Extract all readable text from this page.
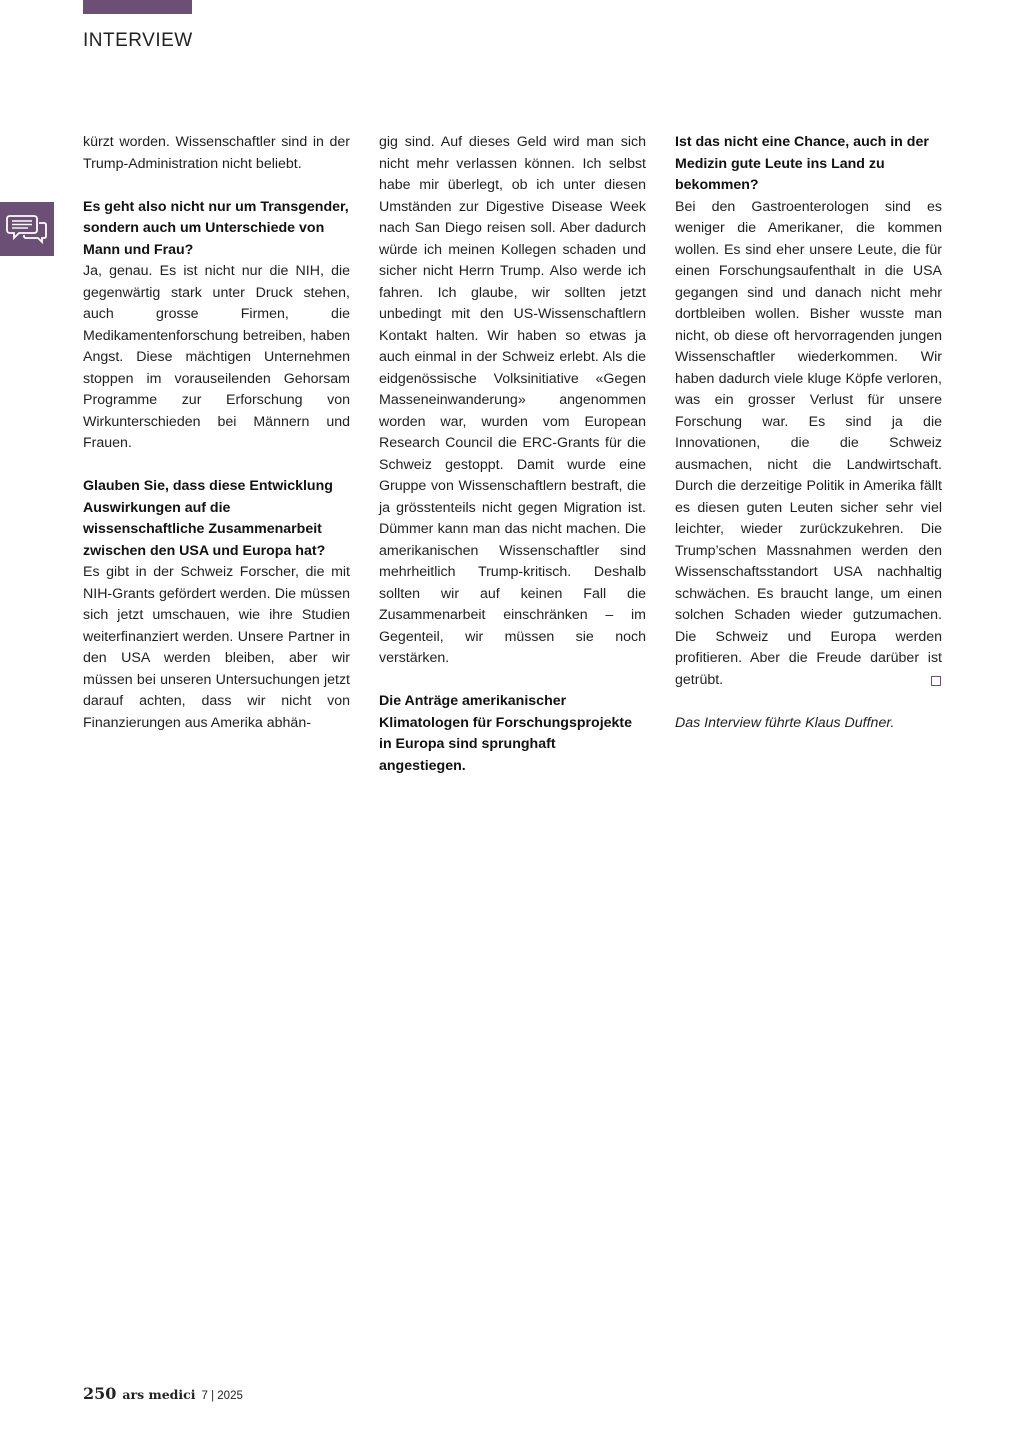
INTERVIEW

kürzt worden. Wissenschaftler sind in der Trump-Administration nicht beliebt.

Es geht also nicht nur um Transgender, sondern auch um Unterschiede von Mann und Frau?

Ja, genau. Es ist nicht nur die NIH, die gegenwärtig stark unter Druck stehen, auch grosse Firmen, die Medikamentenforschung betreiben, haben Angst. Diese mächtigen Unternehmen stoppen im vorauseilenden Gehorsam Programme zur Erforschung von Wirkunterschieden bei Männern und Frauen.

Glauben Sie, dass diese Entwicklung Auswirkungen auf die wissenschaftliche Zusammenarbeit zwischen den USA und Europa hat?

Es gibt in der Schweiz Forscher, die mit NIH-Grants gefördert werden. Die müssen sich jetzt umschauen, wie ihre Studien weiterfinanziert werden. Unsere Partner in den USA werden bleiben, aber wir müssen bei unseren Untersuchungen jetzt darauf achten, dass wir nicht von Finanzierungen aus Amerika abhän-

gig sind. Auf dieses Geld wird man sich nicht mehr verlassen können. Ich selbst habe mir überlegt, ob ich unter diesen Umständen zur Digestive Disease Week nach San Diego reisen soll. Aber dadurch würde ich meinen Kollegen schaden und sicher nicht Herrn Trump. Also werde ich fahren. Ich glaube, wir sollten jetzt unbedingt mit den US-Wissenschaftlern Kontakt halten. Wir haben so etwas ja auch einmal in der Schweiz erlebt. Als die eidgenössische Volksinitiative «Gegen Masseneinwanderung» angenommen worden war, wurden vom European Research Council die ERC-Grants für die Schweiz gestoppt. Damit wurde eine Gruppe von Wissenschaftlern bestraft, die ja grösstenteils nicht gegen Migration ist. Dümmer kann man das nicht machen. Die amerikanischen Wissenschaftler sind mehrheitlich Trump-kritisch. Deshalb sollten wir auf keinen Fall die Zusammenarbeit einschränken – im Gegenteil, wir müssen sie noch verstärken.

Die Anträge amerikanischer Klimatologen für Forschungsprojekte in Europa sind sprunghaft angestiegen.

Ist das nicht eine Chance, auch in der Medizin gute Leute ins Land zu bekommen?

Bei den Gastroenterologen sind es weniger die Amerikaner, die kommen wollen. Es sind eher unsere Leute, die für einen Forschungsaufenthalt in die USA gegangen sind und danach nicht mehr dortbleiben wollen. Bisher wusste man nicht, ob diese oft hervorragenden jungen Wissenschaftler wiederkommen. Wir haben dadurch viele kluge Köpfe verloren, was ein grosser Verlust für unsere Forschung war. Es sind ja die Innovationen, die die Schweiz ausmachen, nicht die Landwirtschaft. Durch die derzeitige Politik in Amerika fällt es diesen guten Leuten sicher sehr viel leichter, wieder zurückzukehren. Die Trump’schen Massnahmen werden den Wissenschaftsstandort USA nachhaltig schwächen. Es braucht lange, um einen solchen Schaden wieder gutzumachen. Die Schweiz und Europa werden profitieren. Aber die Freude darüber ist getrübt.

Das Interview führte Klaus Duffner.

250 ars medici 7 | 2025
